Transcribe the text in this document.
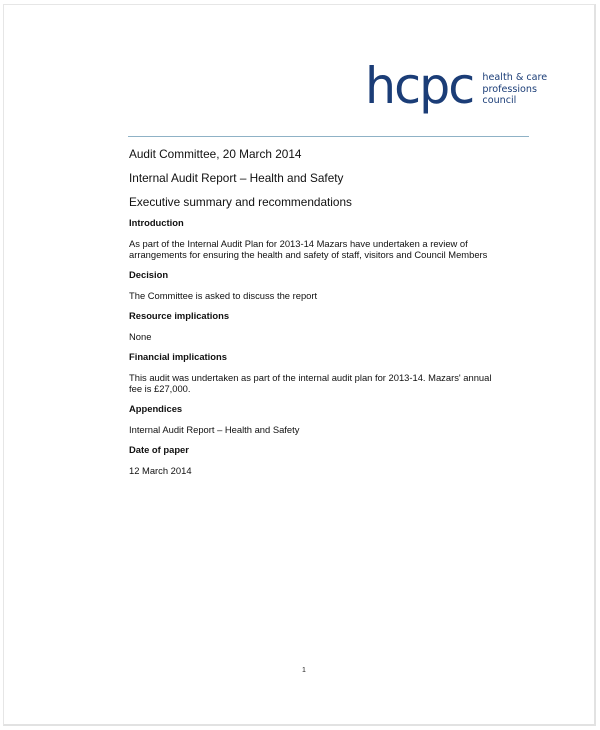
hcpc health & care
professions
council
Audit Committee, 20 March 2014
Internal Audit Report – Health and Safety
Executive summary and recommendations
Introduction

As part of the Internal Audit Plan for 2013-14 Mazars have undertaken a review of

arrangements for ensuring the health and safety of staff, visitors and Council Members

Decision

The Committee is asked to discuss the report

Resource implications

None

Financial implications

This audit was undertaken as part of the internal audit plan for 2013-14. Mazars' annual

fee is £27,000.

Appendices

Internal Audit Report – Health and Safety

Date of paper

12 March 2014

1
